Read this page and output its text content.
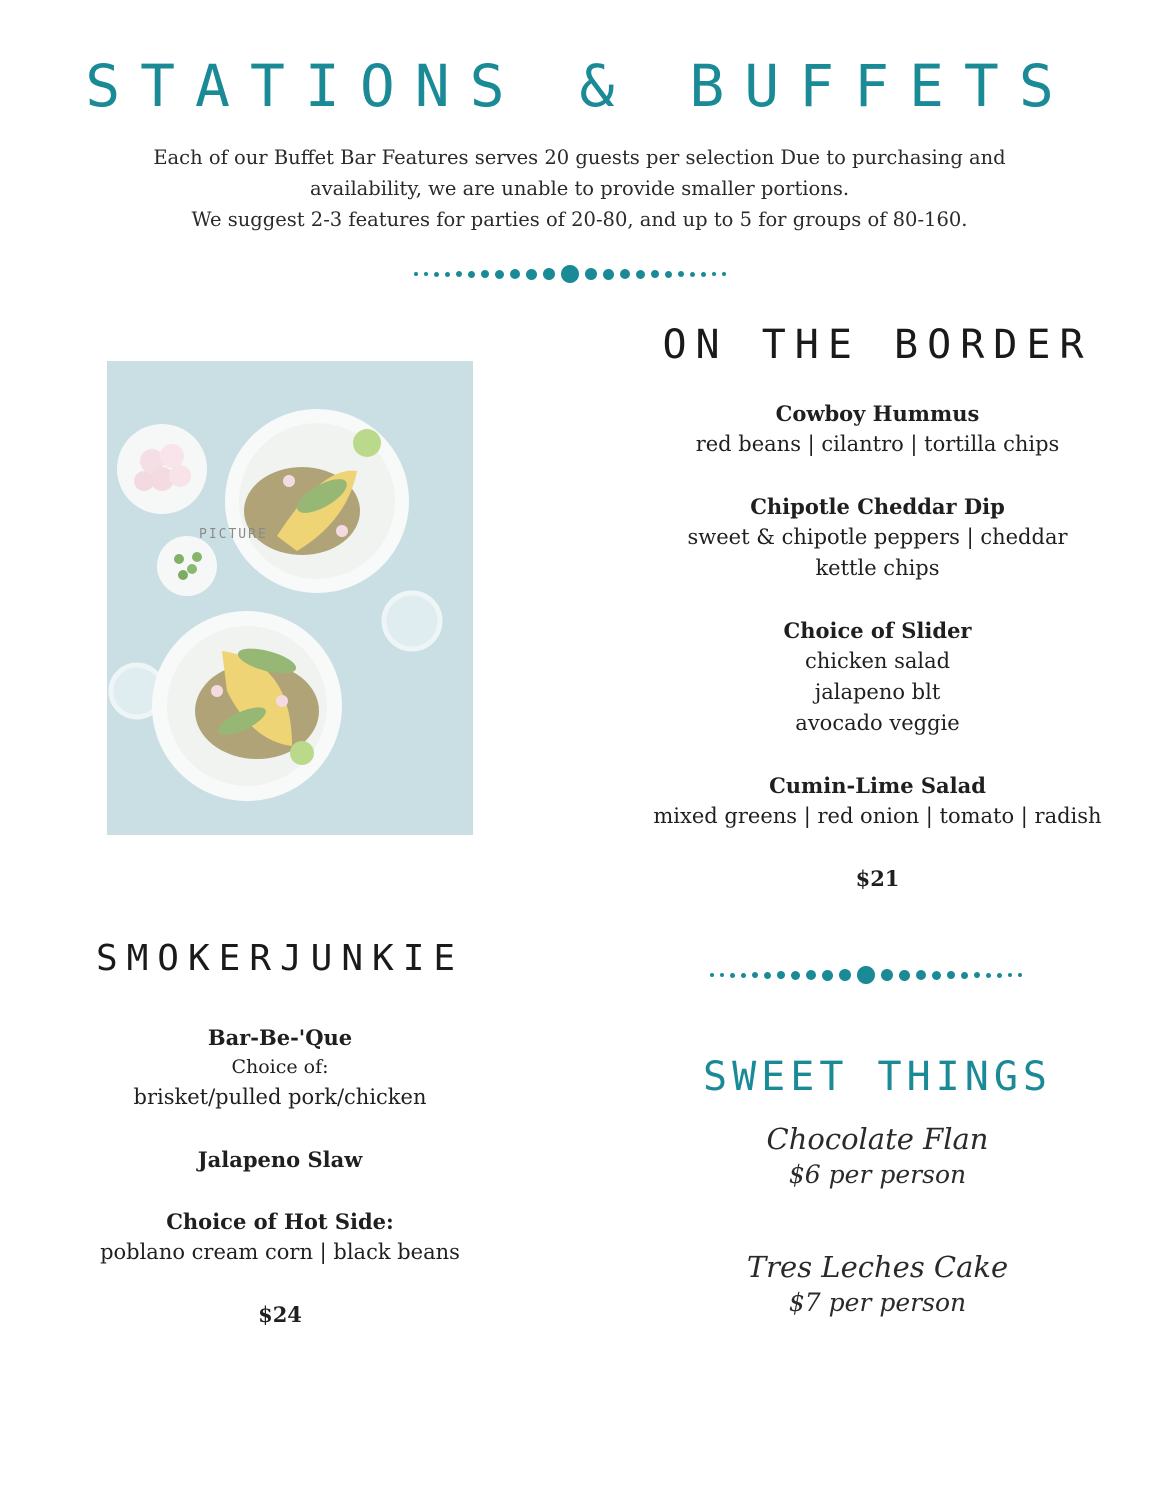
STATIONS & BUFFETS
Each of our Buffet Bar Features serves 20 guests per selection Due to purchasing and
availability, we are unable to provide smaller portions.
We suggest 2-3 features for parties of 20-80, and up to 5 for groups of 80-160.
PICTURE
ON THE BORDER
Cowboy Hummus
red beans | cilantro | tortilla chips
Chipotle Cheddar Dip
sweet & chipotle peppers | cheddar
kettle chips
Choice of Slider
chicken salad
jalapeno blt
avocado veggie
Cumin-Lime Salad
mixed greens | red onion | tomato | radish
$21
SMOKERJUNKIE
Bar-Be-'Que
Choice of:
brisket/pulled pork/chicken
Jalapeno Slaw
Choice of Hot Side:
poblano cream corn | black beans
$24
SWEET THINGS
Chocolate Flan
$6 per person
Tres Leches Cake
$7 per person
